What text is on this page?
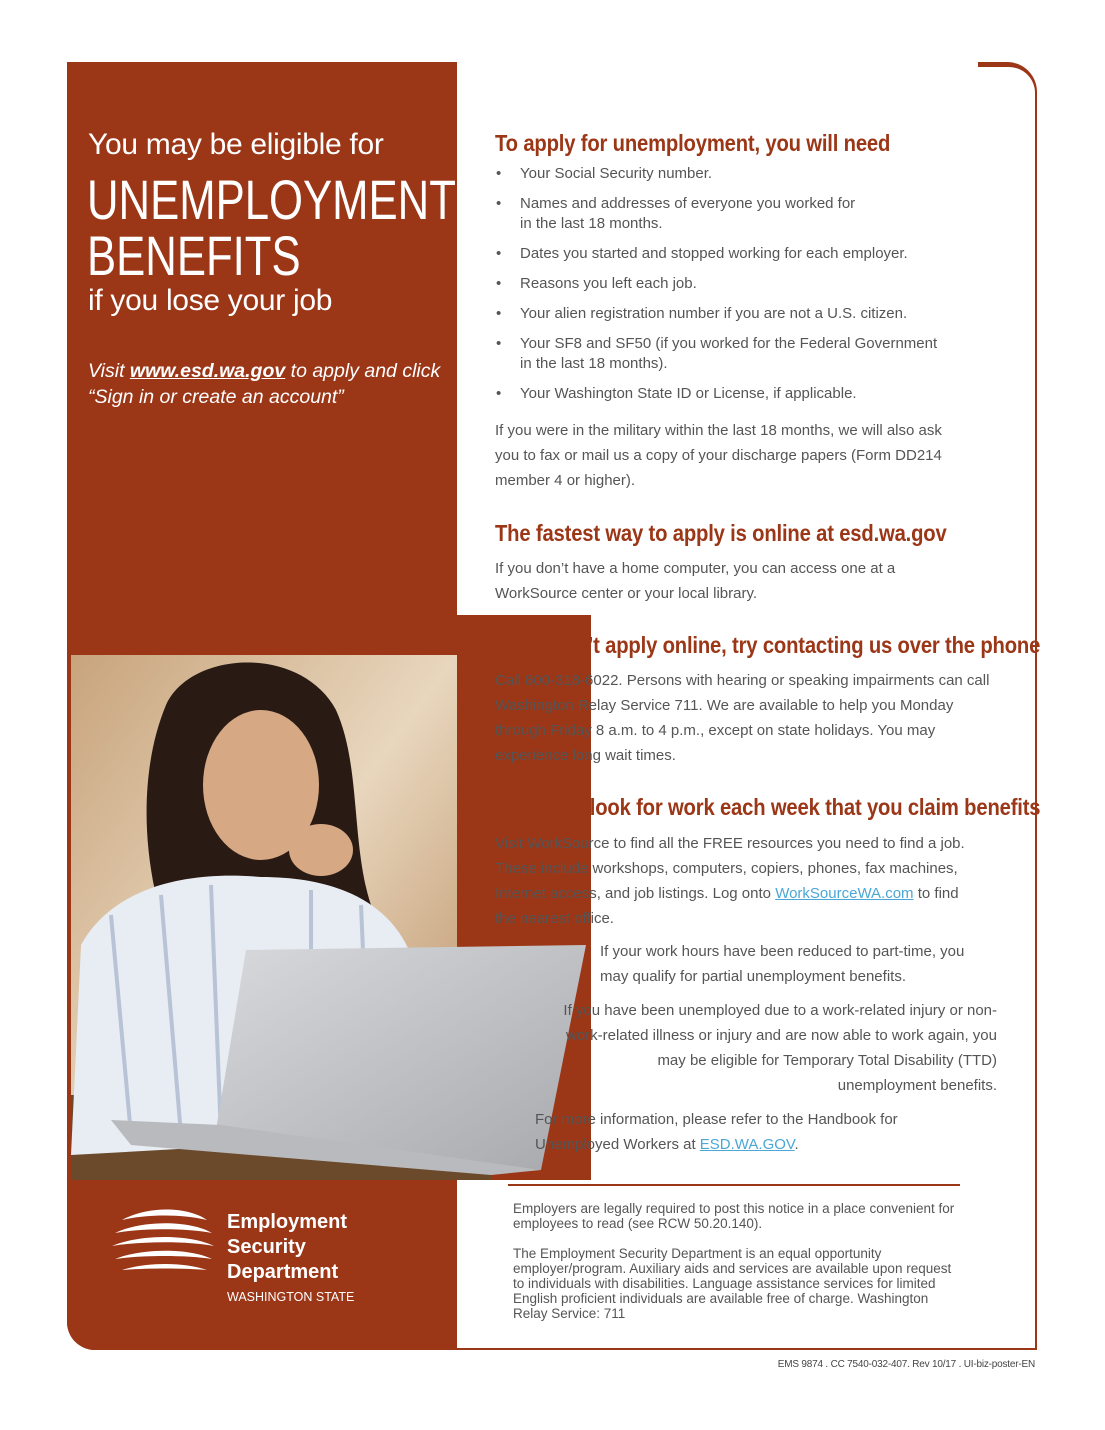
You may be eligible for
UNEMPLOYMENT
BENEFITS
if you lose your job
Visit www.esd.wa.gov to apply and click “Sign in or create an account”
To apply for unemployment, you will need
• Your Social Security number.
• Names and addresses of everyone you worked for in the last 18 months.
• Dates you started and stopped working for each employer.
• Reasons you left each job.
• Your alien registration number if you are not a U.S. citizen.
• Your SF8 and SF50 (if you worked for the Federal Government in the last 18 months).
• Your Washington State ID or License, if applicable.
If you were in the military within the last 18 months, we will also ask you to fax or mail us a copy of your discharge papers (Form DD214 member 4 or higher).
The fastest way to apply is online at esd.wa.gov
If you don’t have a home computer, you can access one at a WorkSource center or your local library.
If you can’t apply online, try contacting us over the phone
Call 800-318-6022. Persons with hearing or speaking impairments can call Washington Relay Service 711. We are available to help you Monday through Friday 8 a.m. to 4 p.m., except on state holidays. You may experience long wait times.
You must look for work each week that you claim benefits
Visit WorkSource to find all the FREE resources you need to find a job. These include workshops, computers, copiers, phones, fax machines, Internet access, and job listings. Log onto WorkSourceWA.com to find the nearest office.
If your work hours have been reduced to part-time, you may qualify for partial unemployment benefits.
If you have been unemployed due to a work-related injury or non-work-related illness or injury and are now able to work again, you may be eligible for Temporary Total Disability (TTD) unemployment benefits.
For more information, please refer to the Handbook for Unemployed Workers at ESD.WA.GOV.
Employers are legally required to post this notice in a place convenient for employees to read (see RCW 50.20.140).
The Employment Security Department is an equal opportunity employer/program. Auxiliary aids and services are available upon request to individuals with disabilities. Language assistance services for limited English proficient individuals are available free of charge. Washington Relay Service: 711
Employment
Security
Department
WASHINGTON STATE	ESD.WA.GOV
EMS 9874 . CC 7540-032-407. Rev 10/17 . UI-biz-poster-EN
